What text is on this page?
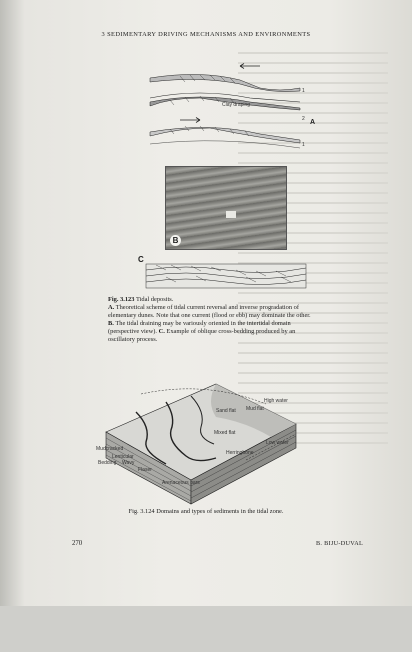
3 SEDIMENTARY DRIVING MECHANISMS AND ENVIRONMENTS
Clay draping
1
2
1
A
B
C
Fig. 3.123 Tidal deposits.
A. Theoretical scheme of tidal current reversal and inverse progradation of elementary dunes. Note that one current (flood or ebb) may dominate the other. B. The tidal draining may be variously oriented in the intertidal domain (perspective view). C. Example of oblique cross-bedding produced by an oscillatory process.
Mud flat
Mixed flat
Mudcracked
Lenticular
Wavy
Bedding
Flaser
Sand flat
High water
Low water
Herringbone
Arenaceous bars
Fig. 3.124 Domains and types of sediments in the tidal zone.
270	B. BIJU-DUVAL
